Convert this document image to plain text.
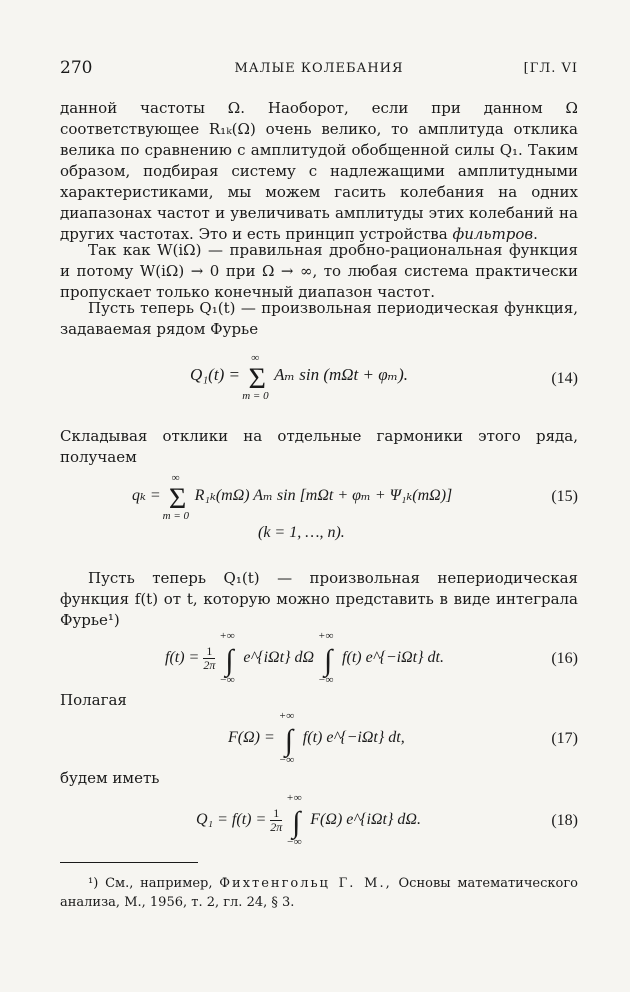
270	МАЛЫЕ КОЛЕБАНИЯ	[ГЛ. VI

данной частоты Ω. Наоборот, если при данном Ω соответствующее R₁ₖ(Ω) очень велико, то амплитуда отклика велика по сравнению с амплитудой обобщенной силы Q₁. Таким образом, подбирая систему с надлежащими амплитудными характеристиками, мы можем гасить колебания на одних диапазонах частот и увеличивать амплитуды этих колебаний на других частотах. Это и есть принцип устройства фильтров.

Так как W(iΩ) — правильная дробно-рациональная функция и потому W(iΩ) → 0 при Ω → ∞, то любая система практически пропускает только конечный диапазон частот.

Пусть теперь Q₁(t) — произвольная периодическая функция, задаваемая рядом Фурье

Q₁(t) =
∞
Σ
m = 0
Aₘ sin (mΩt + φₘ).	(14)

Складывая отклики на отдельные гармоники этого ряда, получаем

qₖ =
∞
Σ
m = 0
R₁ₖ(mΩ) Aₘ sin [mΩt + φₘ + Ψ₁ₖ(mΩ)]	(15)
(k = 1, …, n).

Пусть теперь Q₁(t) — произвольная непериодическая функция f(t) от t, которую можно представить в виде интеграла Фурье¹)

$f(t) = \frac{1}{2\pi}$

+∞
∫
−∞
e^{iΩt} dΩ
+∞
∫
−∞
f(t) e^{−iΩt} dt.	(16)

Полагая

F(Ω) =
+∞
∫
−∞
f(t) e^{−iΩt} dt,	(17)

будем иметь

$Q_1 = f(t) = \frac{1}{2\pi}$

+∞
∫
−∞
F(Ω) e^{iΩt} dΩ.	(18)
¹) См., например, Фихтенгольц Г. М., Основы математического анализа, М., 1956, т. 2, гл. 24, § 3.
